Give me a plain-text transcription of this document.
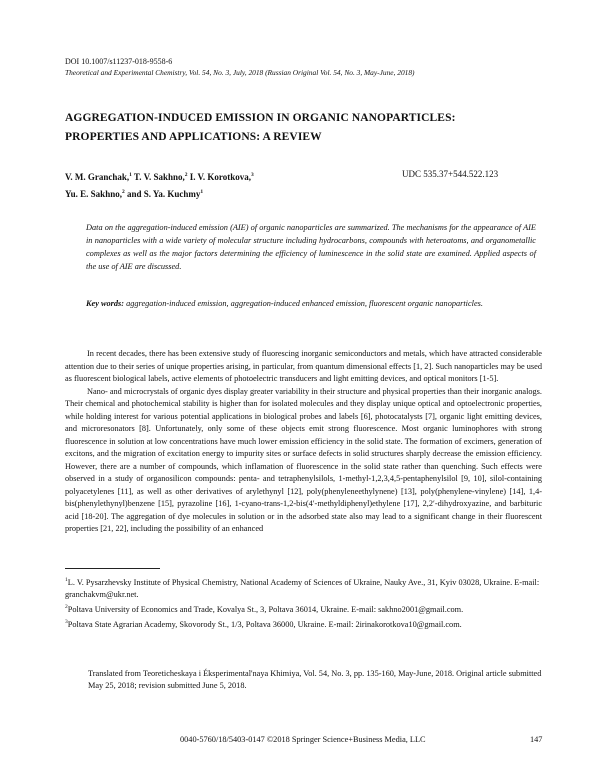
DOI 10.1007/s11237-018-9558-6
Theoretical and Experimental Chemistry, Vol. 54, No. 3, July, 2018 (Russian Original Vol. 54, No. 3, May-June, 2018)
AGGREGATION-INDUCED EMISSION IN ORGANIC NANOPARTICLES:
PROPERTIES AND APPLICATIONS: A REVIEW
V. M. Granchak,$^1$ T. V. Sakhno,$^2$ I. V. Korotkova,$^3$
Yu. E. Sakhno,$^2$ and S. Ya. Kuchmy$^1$
UDC 535.37+544.522.123
Data on the aggregation-induced emission (AIE) of organic nanoparticles are summarized. The mechanisms for the appearance of AIE in nanoparticles with a wide variety of molecular structure including hydrocarbons, compounds with heteroatoms, and organometallic complexes as well as the major factors determining the efficiency of luminescence in the solid state are examined. Applied aspects of the use of AIE are discussed.
Key words: aggregation-induced emission, aggregation-induced enhanced emission, fluorescent organic nanoparticles.

In recent decades, there has been extensive study of fluorescing inorganic semiconductors and metals, which have attracted considerable attention due to their series of unique properties arising, in particular, from quantum dimensional effects [1, 2]. Such nanoparticles may be used as fluorescent biological labels, active elements of photoelectric transducers and light emitting devices, and optical monitors [1-5].

Nano- and microcrystals of organic dyes display greater variability in their structure and physical properties than their inorganic analogs. Their chemical and photochemical stability is higher than for isolated molecules and they display unique optical and optoelectronic properties, while holding interest for various potential applications in biological probes and labels [6], photocatalysts [7], organic light emitting devices, and microresonators [8]. Unfortunately, only some of these objects emit strong fluorescence. Most organic luminophores with strong fluorescence in solution at low concentrations have much lower emission efficiency in the solid state. The formation of excimers, generation of excitons, and the migration of excitation energy to impurity sites or surface defects in solid structures sharply decrease the emission efficiency. However, there are a number of compounds, which inflamation of fluorescence in the solid state rather than quenching. Such effects were observed in a study of organosilicon compounds: penta- and tetraphenylsilols, 1-methyl-1,2,3,4,5-pentaphenylsilol [9, 10], silol-containing polyacetylenes [11], as well as other derivatives of arylethynyl [12], poly(phenyleneethylynene) [13], poly(phenylene-vinylene) [14], 1,4-bis(phenylethynyl)benzene [15], pyrazoline [16], 1-cyano-trans-1,2-bis(4′-methyldiphenyl)ethylene [17], 2,2′-dihydroxyazine, and barbituric acid [18-20]. The aggregation of dye molecules in solution or in the adsorbed state also may lead to a significant change in their fluorescent properties [21, 22], including the possibility of an enhanced

$^1$L. V. Pysarzhevsky Institute of Physical Chemistry, National Academy of Sciences of Ukraine, Nauky Ave., 31, Kyiv 03028, Ukraine. E-mail: granchakvm@ukr.net.
$^2$Poltava University of Economics and Trade, Kovalya St., 3, Poltava 36014, Ukraine. E-mail: sakhno2001@gmail.com.
$^3$Poltava State Agrarian Academy, Skovorody St., 1/3, Poltava 36000, Ukraine. E-mail: 2irinakorotkova10@gmail.com.
Translated from Teoreticheskaya i Éksperimental'naya Khimiya, Vol. 54, No. 3, pp. 135-160, May-June, 2018. Original article submitted May 25, 2018; revision submitted June 5, 2018.
0040-5760/18/5403-0147 ©2018 Springer Science+Business Media, LLC	147
